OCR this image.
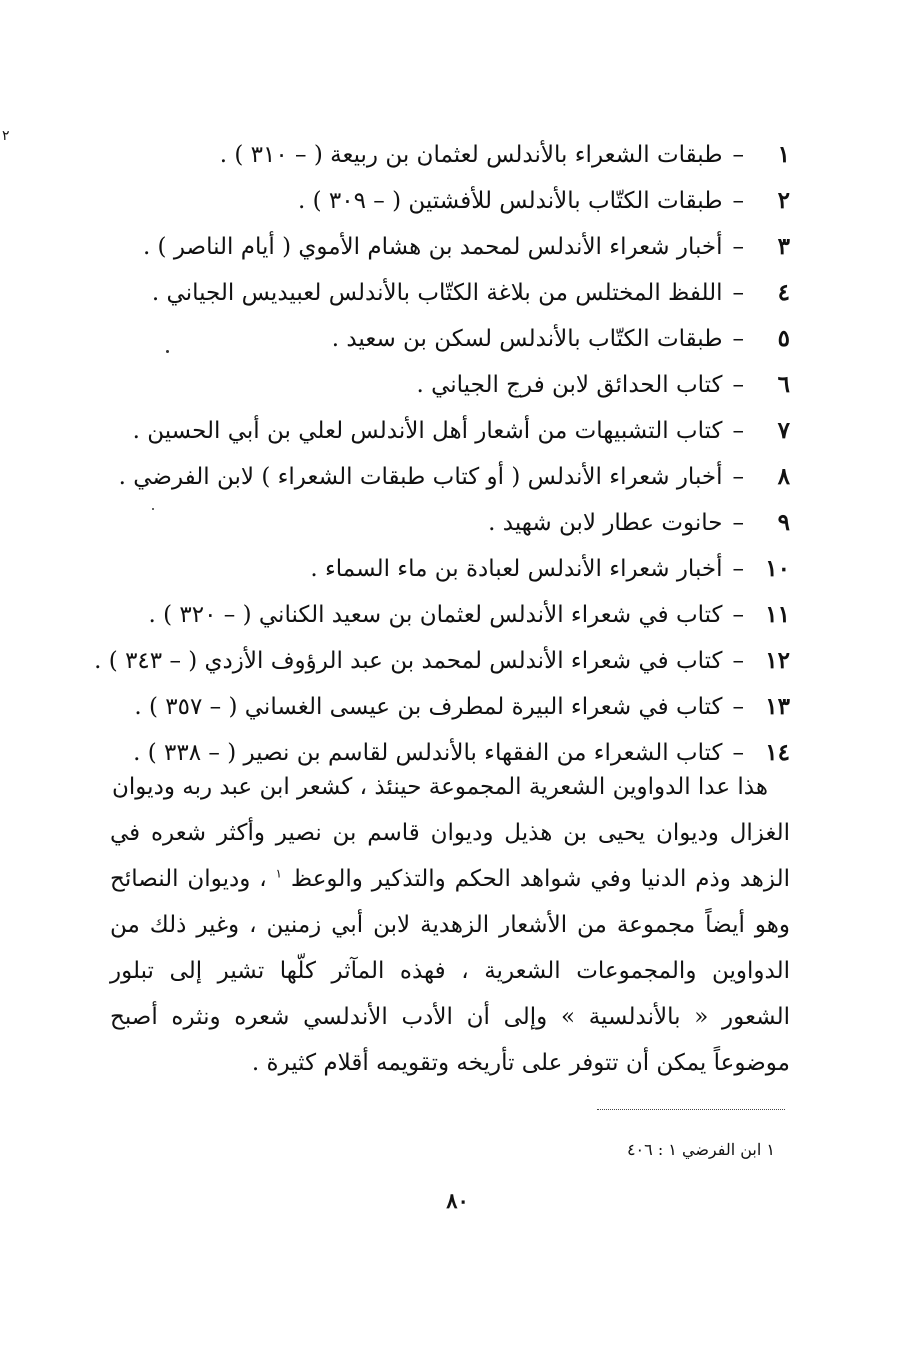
٢
١–طبقات الشعراء بالأندلس لعثمان بن ربيعة ( – ٣١٠ ) .
٢–طبقات الكتّاب بالأندلس للأفشتين ( – ٣٠٩ ) .
٣–أخبار شعراء الأندلس لمحمد بن هشام الأموي ( أيام الناصر ) .
٤–اللفظ المختلس من بلاغة الكتّاب بالأندلس لعبيديس الجياني .
٥–طبقات الكتّاب بالأندلس لسكن بن سعيد .
٦–كتاب الحدائق لابن فرج الجياني .
٧–كتاب التشبيهات من أشعار أهل الأندلس لعلي بن أبي الحسين .
٨–أخبار شعراء الأندلس ( أو كتاب طبقات الشعراء ) لابن الفرضي .
٩–حانوت عطار لابن شهيد .
١٠–أخبار شعراء الأندلس لعبادة بن ماء السماء .
١١–كتاب في شعراء الأندلس لعثمان بن سعيد الكناني ( – ٣٢٠ ) .
١٢–كتاب في شعراء الأندلس لمحمد بن عبد الرؤوف الأزدي ( – ٣٤٣ ) .
١٣–كتاب في شعراء البيرة لمطرف بن عيسى الغساني ( – ٣٥٧ ) .
١٤–كتاب الشعراء من الفقهاء بالأندلس لقاسم بن نصير ( – ٣٣٨ ) .

هذا عدا الدواوين الشعرية المجموعة حينئذ ، كشعر ابن عبد ربه وديوان
الغزال وديوان يحيى بن هذيل وديوان قاسم بن نصير وأكثر شعره في الزهد وذم الدنيا وفي شواهد الحكم والتذكير والوعظ $^١$ ، وديوان النصائح وهو أيضاً مجموعة من الأشعار الزهدية لابن أبي زمنين ، وغير ذلك من الدواوين والمجموعات الشعرية ، فهذه المآثر كلّها تشير إلى تبلور الشعور « بالأندلسية » وإلى أن الأدب الأندلسي شعره ونثره أصبح موضوعاً يمكن أن تتوفر على تأريخه وتقويمه أقلام كثيرة .

١ ابن الفرضي ١ : ٤٠٦
٨٠
